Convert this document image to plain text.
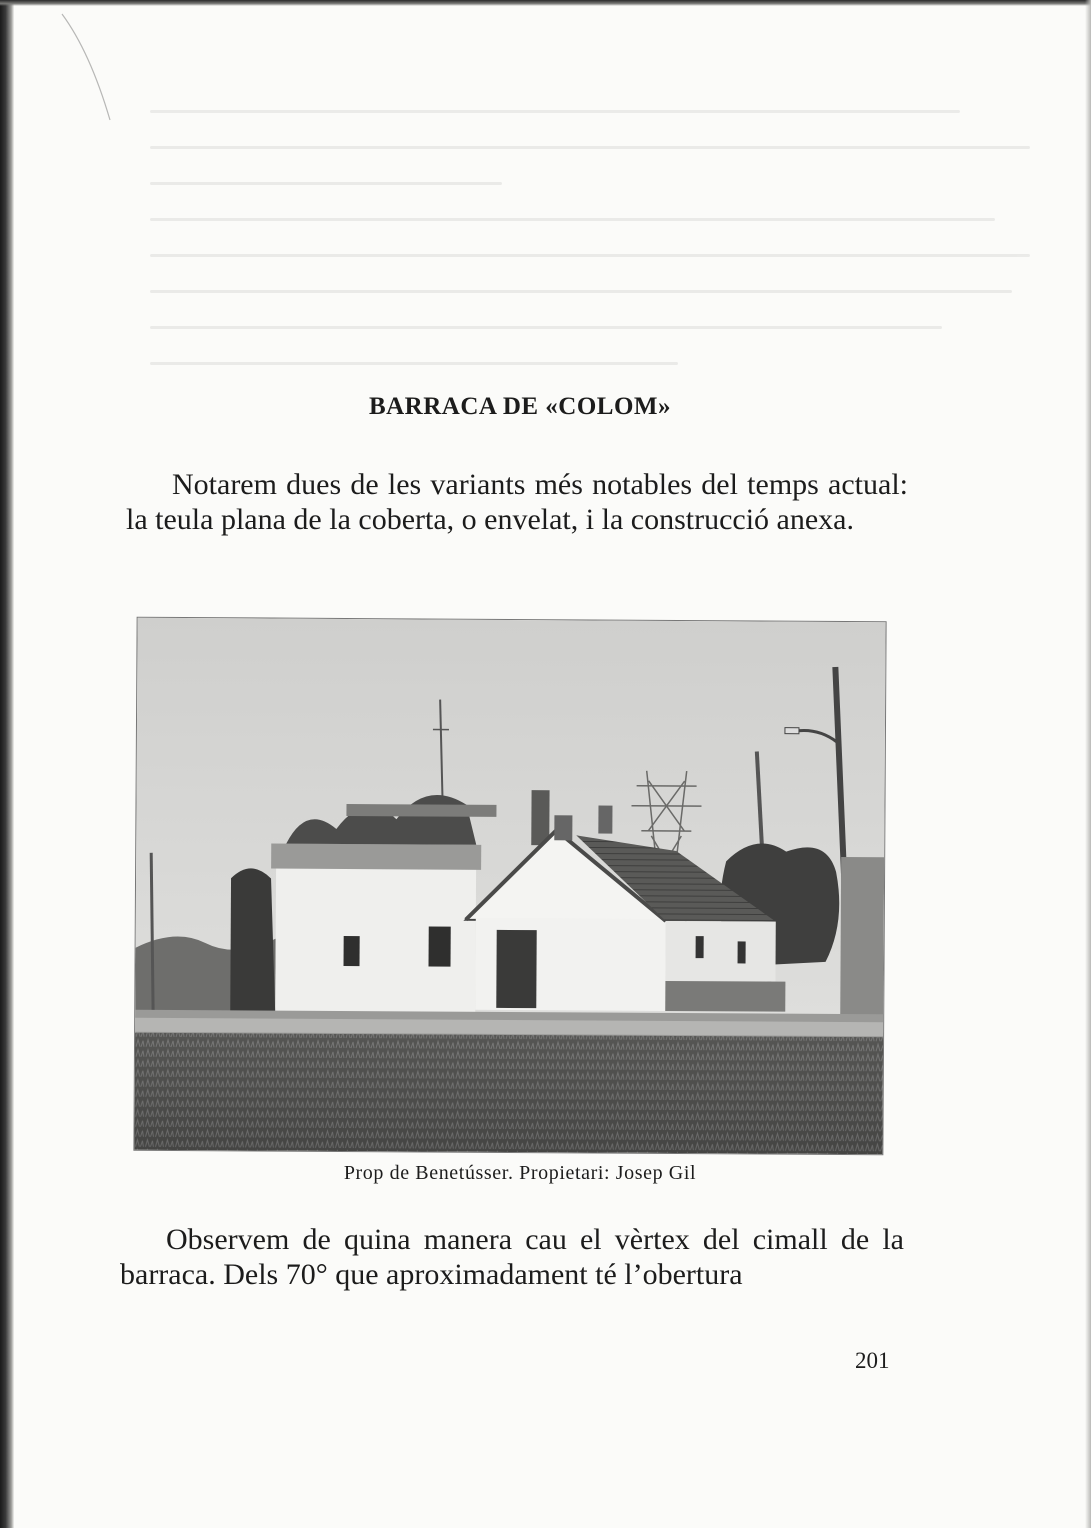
BARRACA DE «COLOM»

Notarem dues de les variants més notables del temps actual: la teula plana de la coberta, o envelat, i la construcció anexa.

Prop de Benetússer. Propietari: Josep Gil

Observem de quina manera cau el vèrtex del cimall de la barraca. Dels 70° que aproximadament té l’obertura

201
